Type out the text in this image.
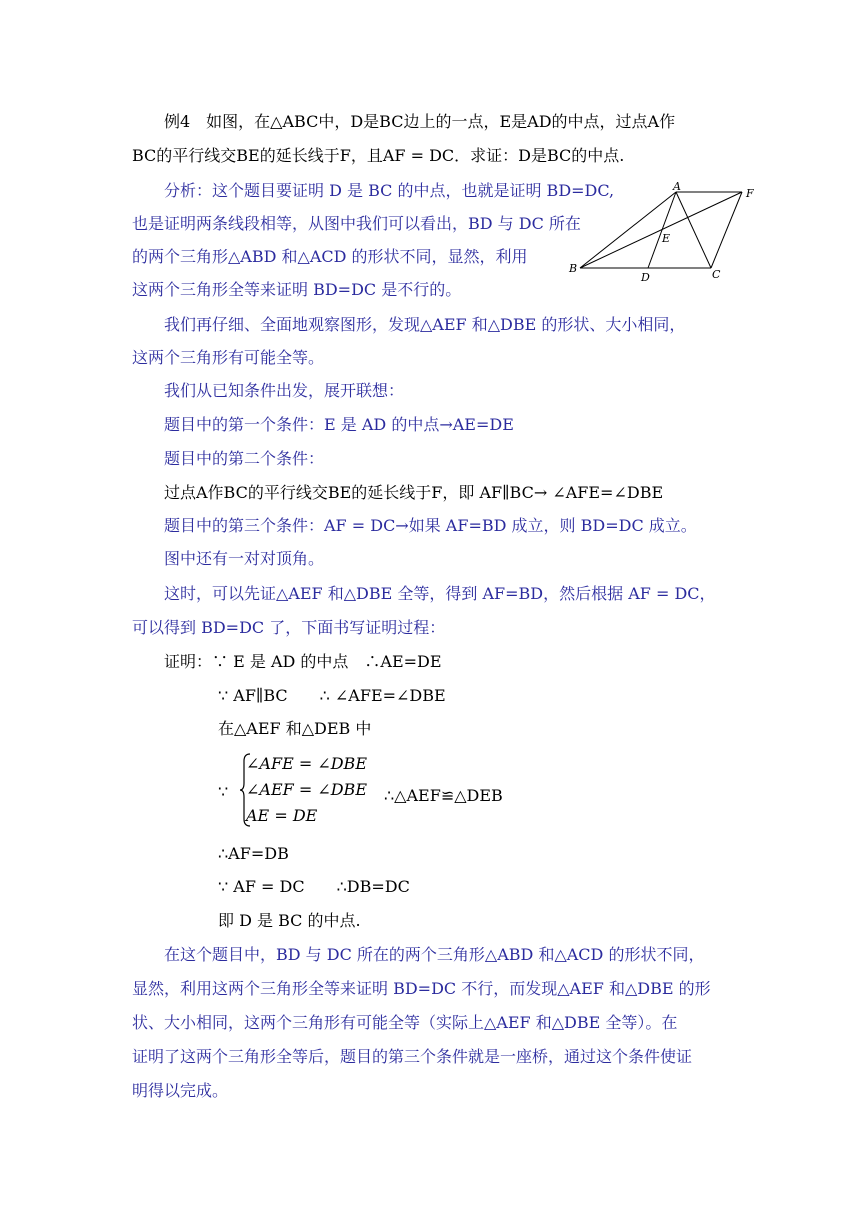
例4　如图，在△ABC中，D是BC边上的一点，E是AD的中点，过点A作
BC的平行线交BE的延长线于F，且AF = DC．求证：D是BC的中点.
分析：这个题目要证明 D 是 BC 的中点，也就是证明 BD=DC,
也是证明两条线段相等，从图中我们可以看出，BD 与 DC 所在
的两个三角形△ABD 和△ACD 的形状不同，显然，利用
这两个三角形全等来证明 BD=DC 是不行的。
A
F
E
B
D	C
我们再仔细、全面地观察图形，发现△AEF 和△DBE 的形状、大小相同，
这两个三角形有可能全等。
我们从已知条件出发，展开联想：
题目中的第一个条件：E 是 AD 的中点→AE=DE
题目中的第二个条件：
过点A作BC的平行线交BE的延长线于F，即 AF∥BC→ ∠AFE=∠DBE
题目中的第三个条件：AF = DC→如果 AF=BD 成立，则 BD=DC 成立。
图中还有一对对顶角。
这时，可以先证△AEF 和△DBE 全等，得到 AF=BD，然后根据 AF = DC，
可以得到 BD=DC 了，下面书写证明过程：
证明：∵ E 是 AD 的中点　∴AE=DE
∵ AF∥BC　　∴ ∠AFE=∠DBE
在△AEF 和△DEB 中
∵
∠AFE = ∠DBE
∠AEF = ∠DBE
AE = DE
∴△AEF≌△DEB
∴AF=DB
∵ AF = DC　　∴DB=DC
即 D 是 BC 的中点.
在这个题目中，BD 与 DC 所在的两个三角形△ABD 和△ACD 的形状不同，
显然，利用这两个三角形全等来证明 BD=DC 不行，而发现△AEF 和△DBE 的形
状、大小相同，这两个三角形有可能全等（实际上△AEF 和△DBE 全等）。在
证明了这两个三角形全等后，题目的第三个条件就是一座桥，通过这个条件使证
明得以完成。
